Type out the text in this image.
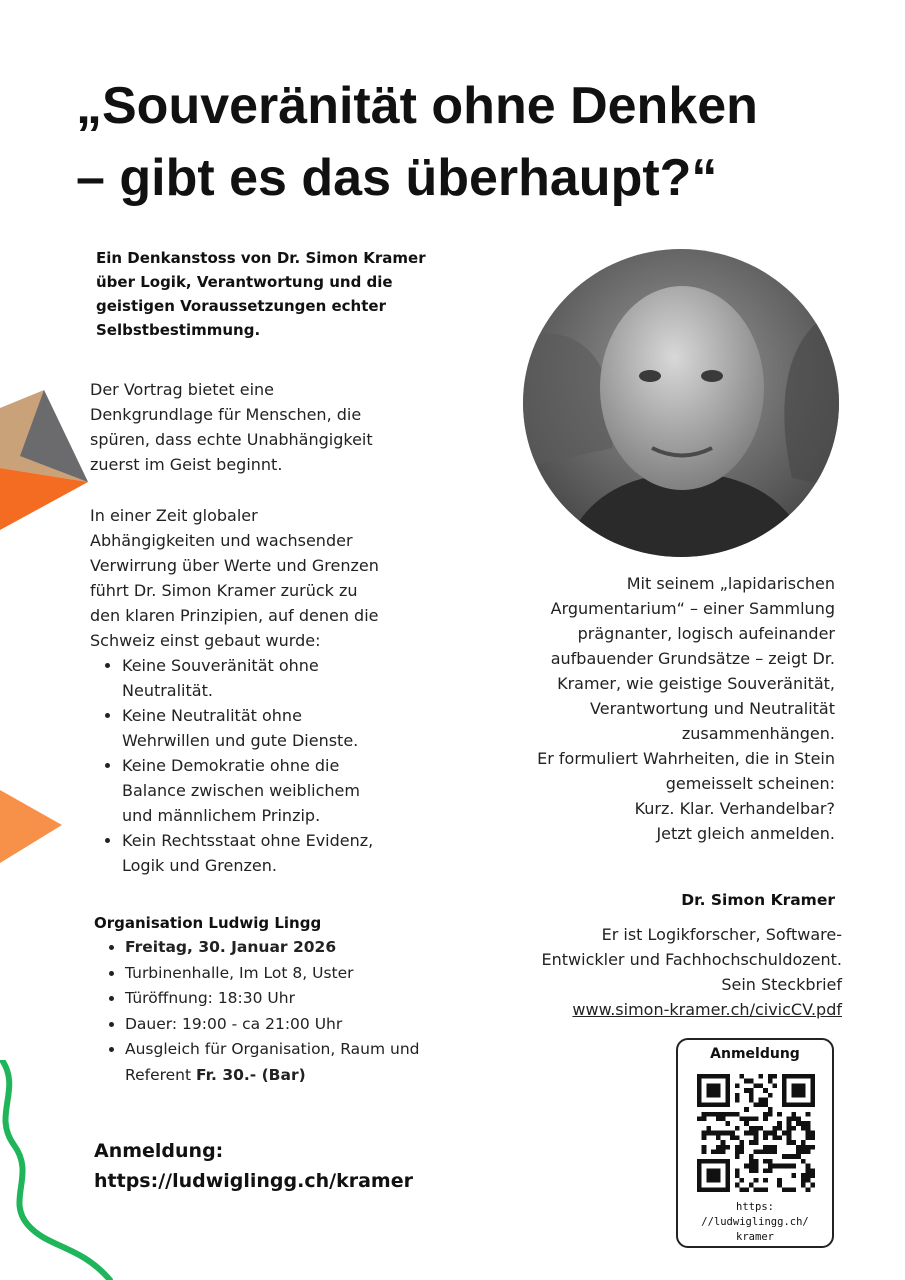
„Souveränität ohne Denken
– gibt es das überhaupt?“
Ein Denkanstoss von Dr. Simon Kramer
über Logik, Verantwortung und die
geistigen Voraussetzungen echter
Selbstbestimmung.
Der Vortrag bietet eine
Denkgrundlage für Menschen, die
spüren, dass echte Unabhängigkeit
zuerst im Geist beginnt.
In einer Zeit globaler
Abhängigkeiten und wachsender
Verwirrung über Werte und Grenzen
führt Dr. Simon Kramer zurück zu
den klaren Prinzipien, auf denen die
Schweiz einst gebaut wurde:
• Keine Souveränität ohne
Neutralität.
• Keine Neutralität ohne
Wehrwillen und gute Dienste.
• Keine Demokratie ohne die
Balance zwischen weiblichem
und männlichem Prinzip.
• Kein Rechtsstaat ohne Evidenz,
Logik und Grenzen.
Organisation Ludwig Lingg
• Freitag, 30. Januar 2026
• Turbinenhalle, Im Lot 8, Uster
• Türöffnung: 18:30 Uhr
• Dauer: 19:00 - ca 21:00 Uhr
• Ausgleich für Organisation, Raum und
Referent Fr. 30.- (Bar)
Anmeldung:
https://ludwiglingg.ch/kramer
Mit seinem „lapidarischen
Argumentarium“ – einer Sammlung
prägnanter, logisch aufeinander
aufbauender Grundsätze – zeigt Dr.
Kramer, wie geistige Souveränität,
Verantwortung und Neutralität
zusammenhängen.
Er formuliert Wahrheiten, die in Stein
gemeisselt scheinen:
Kurz. Klar. Verhandelbar?
Jetzt gleich anmelden.
Dr. Simon Kramer
Er ist Logikforscher, Software-
Entwickler und Fachhochschuldozent.
Sein Steckbrief
www.simon-kramer.ch/civicCV.pdf
Anmeldung
https:
//ludwiglingg.ch/
kramer
